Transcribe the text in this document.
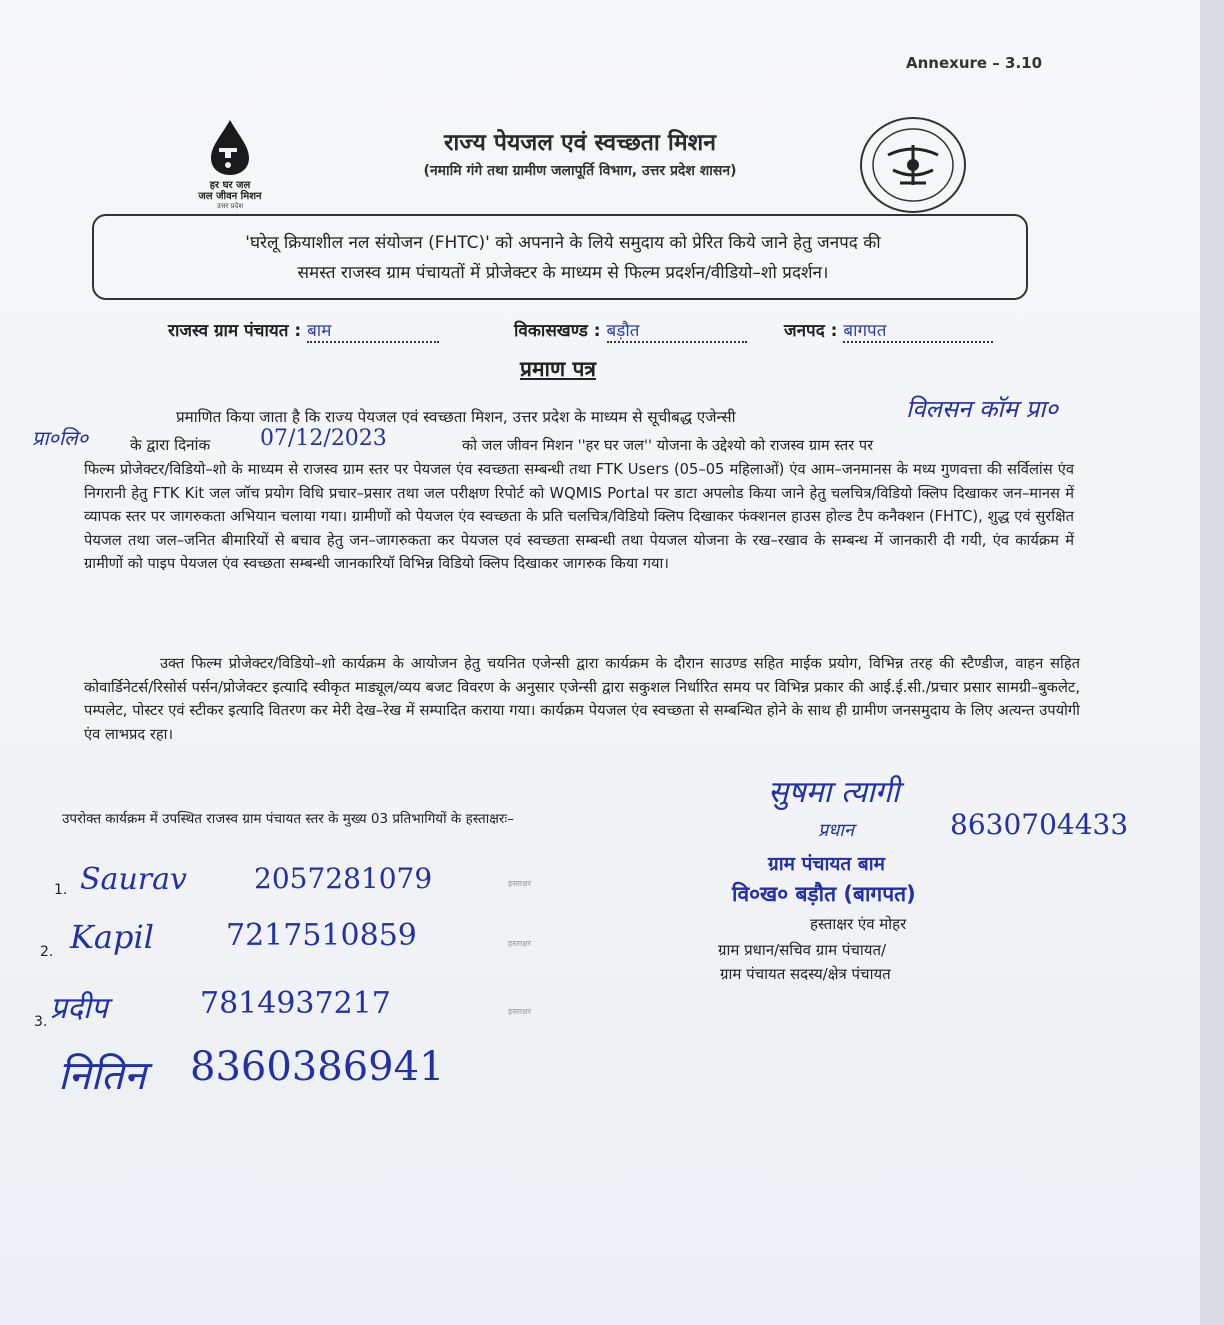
Annexure – 3.10
हर घर जल
जल जीवन मिशन
उत्तर प्रदेश
राज्य पेयजल एवं स्वच्छता मिशन
(नमामि गंगे तथा ग्रामीण जलापूर्ति विभाग, उत्तर प्रदेश शासन)

'घरेलू क्रियाशील नल संयोजन (FHTC)' को अपनाने के लिये समुदाय को प्रेरित किये जाने हेतु जनपद की

समस्त राजस्व ग्राम पंचायतों में प्रोजेक्टर के माध्यम से फिल्म प्रदर्शन/वीडियो–शो प्रदर्शन।

राजस्व ग्राम पंचायत : बाम	विकासखण्ड : बड़ौत	जनपद : बागपत
प्रमाण पत्र
प्रमाणित किया जाता है कि राज्य पेयजल एवं स्वच्छता मिशन, उत्तर प्रदेश के माध्यम से सूचीबद्ध एजेन्सी	विलसन कॉम प्रा०
प्रा०लि०	के द्वारा दिनांक	07/12/2023	को जल जीवन मिशन ''हर घर जल'' योजना के उद्देश्यो को राजस्व ग्राम स्तर पर
फिल्म प्रोजेक्टर/विडियो–शो के माध्यम से राजस्व ग्राम स्तर पर पेयजल एंव स्वच्छता सम्बन्धी तथा FTK Users (05–05 महिलाओं) एंव आम–जनमानस के मध्य गुणवत्ता की सर्विलांस एंव निगरानी हेतु FTK Kit जल जॉच प्रयोग विधि प्रचार–प्रसार तथा जल परीक्षण रिपोर्ट को WQMIS Portal पर डाटा अपलोड किया जाने हेतु चलचित्र/विडियो क्लिप दिखाकर जन–मानस में व्यापक स्तर पर जागरुकता अभियान चलाया गया। ग्रामीणों को पेयजल एंव स्वच्छता के प्रति चलचित्र/विडियो क्लिप दिखाकर फंक्शनल हाउस होल्ड टैप कनैक्शन (FHTC), शुद्ध एवं सुरक्षित पेयजल तथा जल–जनित बीमारियों से बचाव हेतु जन–जागरुकता कर पेयजल एवं स्वच्छता सम्बन्धी तथा पेयजल योजना के रख–रखाव के सम्बन्ध में जानकारी दी गयी, एंव कार्यक्रम में ग्रामीणों को पाइप पेयजल एंव स्वच्छता सम्बन्धी जानकारियॉ विभिन्न विडियो क्लिप दिखाकर जागरुक किया गया।
उक्त फिल्म प्रोजेक्टर/विडियो–शो कार्यक्रम के आयोजन हेतु चयनित एजेन्सी द्वारा कार्यक्रम के दौरान साउण्ड सहित माईक प्रयोग, विभिन्न तरह की स्टैण्डीज, वाहन सहित कोवार्डिनेटर्स/रिसोर्स पर्सन/प्रोजेक्टर इत्यादि स्वीकृत माड्यूल/व्यय बजट विवरण के अनुसार एजेन्सी द्वारा सकुशल निर्धारित समय पर विभिन्न प्रकार की आई.ई.सी./प्रचार प्रसार सामग्री–बुकलेट, पम्पलेट, पोस्टर एवं स्टीकर इत्यादि वितरण कर मेरी देख–रेख में सम्पादित कराया गया। कार्यक्रम पेयजल एंव स्वच्छता से सम्बन्धित होने के साथ ही ग्रामीण जनसमुदाय के लिए अत्यन्त उपयोगी एंव लाभप्रद रहा।
उपरोक्त कार्यक्रम में उपस्थित राजस्व ग्राम पंचायत स्तर के मुख्य 03 प्रतिभागियों के हस्ताक्षरः–
1. Saurav 2057281079	हस्ताक्षर
2. Kapil 7217510859	हस्ताक्षर
3. प्रदीप	7814937217	हस्ताक्षर
नितिन 8360386941
सुषमा त्यागी
प्रधान	8630704433
ग्राम पंचायत बाम
वि०ख० बड़ौत (बागपत)
हस्ताक्षर एंव मोहर
ग्राम प्रधान/सचिव ग्राम पंचायत/
ग्राम पंचायत सदस्य/क्षेत्र पंचायत
